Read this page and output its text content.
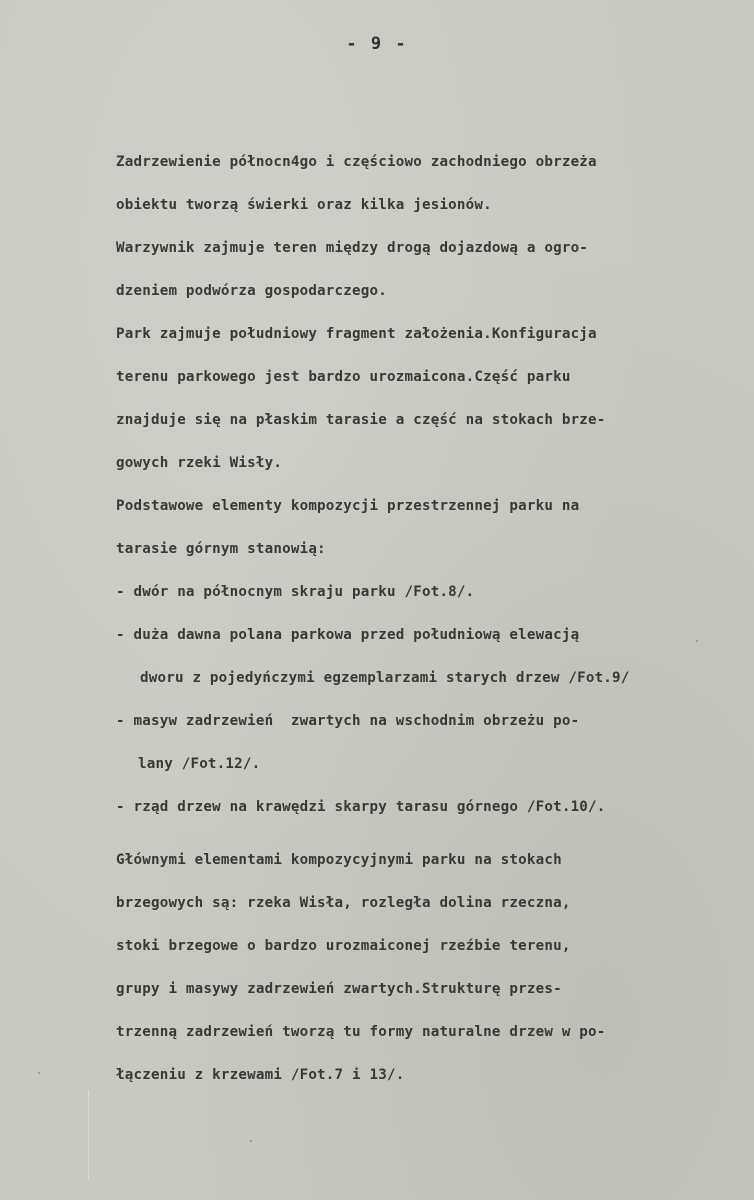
- 9 -
Zadrzewienie północn4go i częściowo zachodniego obrzeża
obiektu tworzą świerki oraz kilka jesionów.
Warzywnik zajmuje teren między drogą dojazdową a ogro-
dzeniem podwórza gospodarczego.
Park zajmuje południowy fragment założenia.Konfiguracja
terenu parkowego jest bardzo urozmaicona.Część parku
znajduje się na płaskim tarasie a część na stokach brze-
gowych rzeki Wisły.
Podstawowe elementy kompozycji przestrzennej parku na
tarasie górnym stanowią:
- dwór na północnym skraju parku /Fot.8/.
- duża dawna polana parkowa przed południową elewacją
dworu z pojedyńczymi egzemplarzami starych drzew /Fot.9/
- masyw zadrzewień  zwartych na wschodnim obrzeżu po-
lany /Fot.12/.
- rząd drzew na krawędzi skarpy tarasu górnego /Fot.10/.
Głównymi elementami kompozycyjnymi parku na stokach
brzegowych są: rzeka Wisła, rozległa dolina rzeczna,
stoki brzegowe o bardzo urozmaiconej rzeźbie terenu,
grupy i masywy zadrzewień zwartych.Strukturę przes-
trzenną zadrzewień tworzą tu formy naturalne drzew w po-
łączeniu z krzewami /Fot.7 i 13/.
